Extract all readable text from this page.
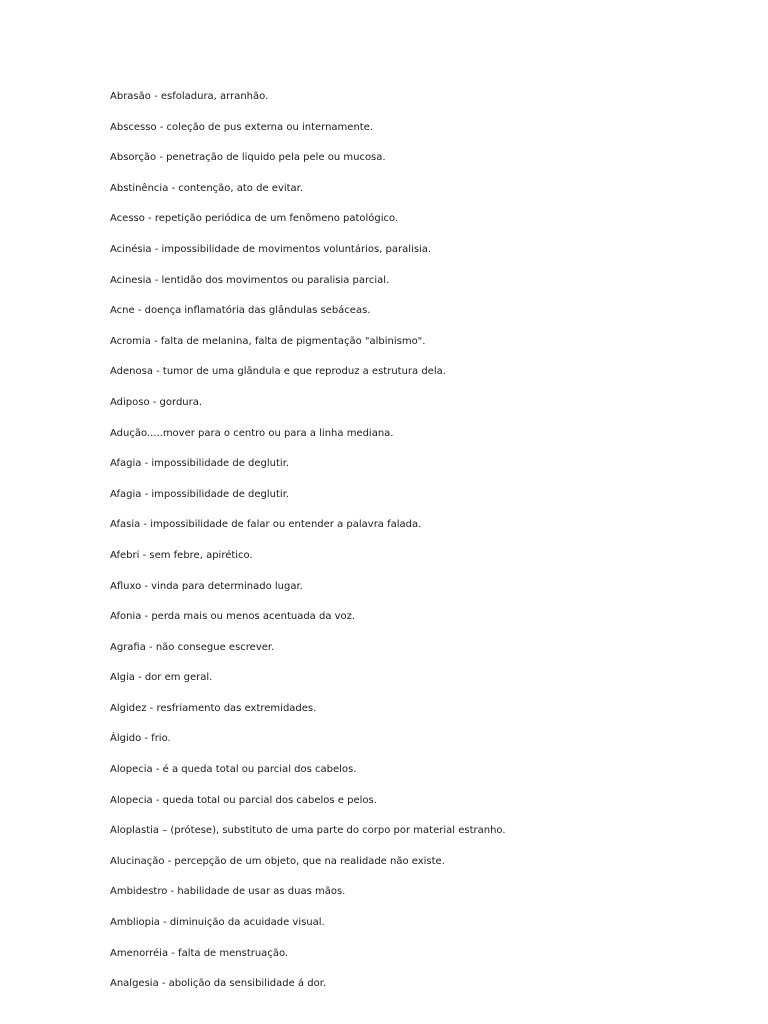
Abrasão - esfoladura, arranhão.
Abscesso - coleção de pus externa ou internamente.
Absorção - penetração de liquido pela pele ou mucosa.
Abstinência - contenção, ato de evitar.
Acesso - repetição periódica de um fenômeno patológico.
Acinésia - impossibilidade de movimentos voluntários, paralisia.
Acinesia - lentidão dos movimentos ou paralisia parcial.
Acne - doença inflamatória das glândulas sebáceas.
Acromia - falta de melanina, falta de pigmentação "albinismo".
Adenosa - tumor de uma glândula e que reproduz a estrutura dela.
Adiposo - gordura.
Adução.....mover para o centro ou para a linha mediana.
Afagia - impossibilidade de deglutir.
Afagia - impossibilidade de deglutir.
Afasia - impossibilidade de falar ou entender a palavra falada.
Afebri - sem febre, apirético.
Afluxo - vinda para determinado lugar.
Afonia - perda mais ou menos acentuada da voz.
Agrafia - não consegue escrever.
Algia - dor em geral.
Algidez - resfriamento das extremidades.
Álgido - frio.
Alopecia - é a queda total ou parcial dos cabelos.
Alopecia - queda total ou parcial dos cabelos e pelos.
Aloplastia – (prótese), substituto de uma parte do corpo por material estranho.
Alucinação - percepção de um objeto, que na realidade não existe.
Ambidestro - habilidade de usar as duas mãos.
Ambliopia - diminuição da acuidade visual.
Amenorréia - falta de menstruação.
Analgesia - abolição da sensibilidade á dor.
